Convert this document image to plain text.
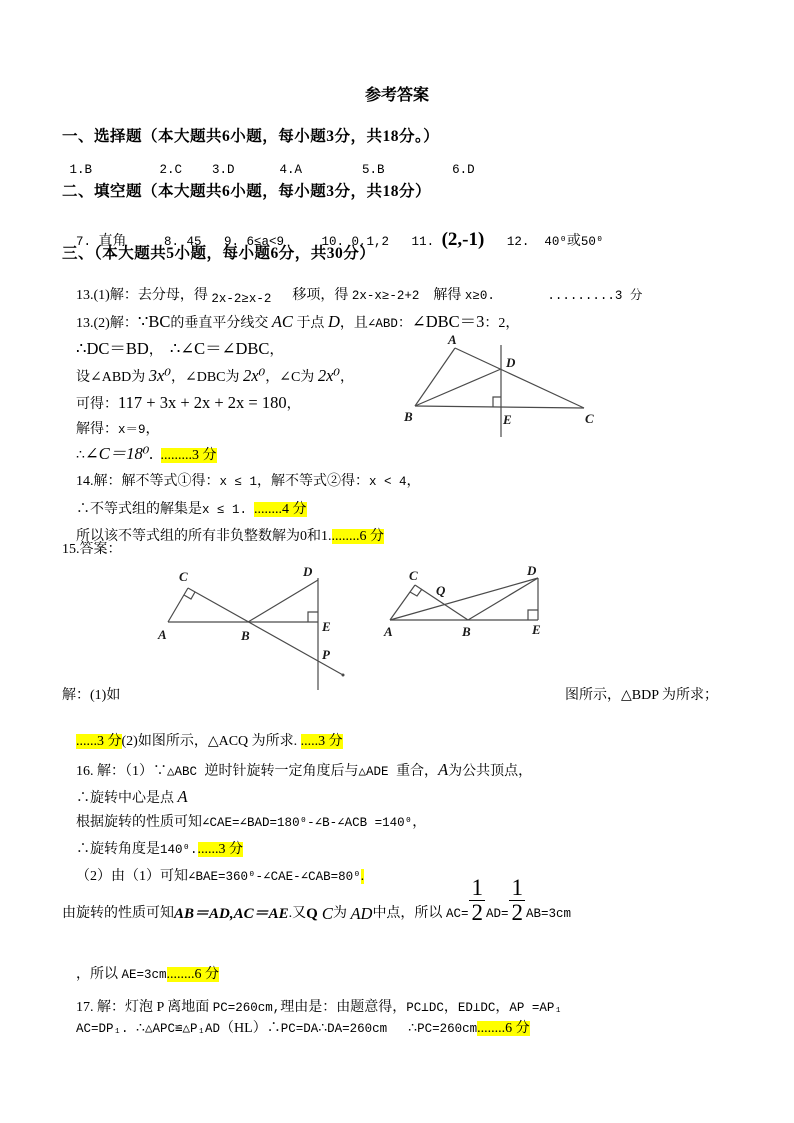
参考答案
一、选择题（本大题共6小题，每小题3分，共18分。）
1.B         2.C    3.D      4.A        5.B         6.D
二、填空题（本大题共6小题，每小题3分，共18分）

7. 直角     8. 45   9. 6≤a<9     10. 0,1,2   11. (2,-1)   12.  40⁰或50⁰

三、（本大题共5小题，每小题6分，共30分）

13.(1)解：去分母，得 2x-2≥x-2      移项，得 2x-x≥-2+2    解得 x≥0.       .........3 分

13.(2)解：∵BC的垂直平分线交 AC 于点 D，且∠ABD：∠DBC＝3：2，

∴DC＝BD，  ∴∠C＝∠DBC，

设∠ABD为 3x⁰，∠DBC为 2x⁰，∠C为 2x⁰，

可得：117 + 3x + 2x + 2x = 180，

解得：x＝9，

∴∠C＝18⁰. .........3 分

A
B	C
D
E

14.解：解不等式①得：x ≤ 1，解不等式②得：x < 4，

∴不等式组的解集是x ≤ 1. ........4 分

所以该不等式组的所有非负整数解为0和1.........6 分

15.答案：
A	B
C	D
E
P
A	B
C
Q
D
E
解：(1)如	图所示，△BDP 为所求；

......3 分(2)如图所示，△ACQ 为所求. .....3 分

16. 解：（1）∵△ABC 逆时针旋转一定角度后与△ADE 重合，A为公共顶点，

∴旋转中心是点 A

根据旋转的性质可知∠CAE=∠BAD=180⁰-∠B-∠ACB =140⁰，

∴旋转角度是140⁰.......3 分

（2）由（1）可知∠BAE=360⁰-∠CAE-∠CAB=80⁰.

由旋转的性质可知 AB＝AD,AC＝AE .又 Q C 为 AD 中点，所以 $AC= \frac{1}{2} AD= \frac{1}{2} AB=3cm$

，所以 AE=3cm........6 分

17. 解：灯泡 P 离地面 PC=260cm,理由是：由题意得，PC⊥DC，ED⊥DC，AP =AP₁

AC=DP₁. ∴△APC≌△P₁AD（HL）∴PC=DA∴DA=260cm      ∴PC=260cm........6 分
